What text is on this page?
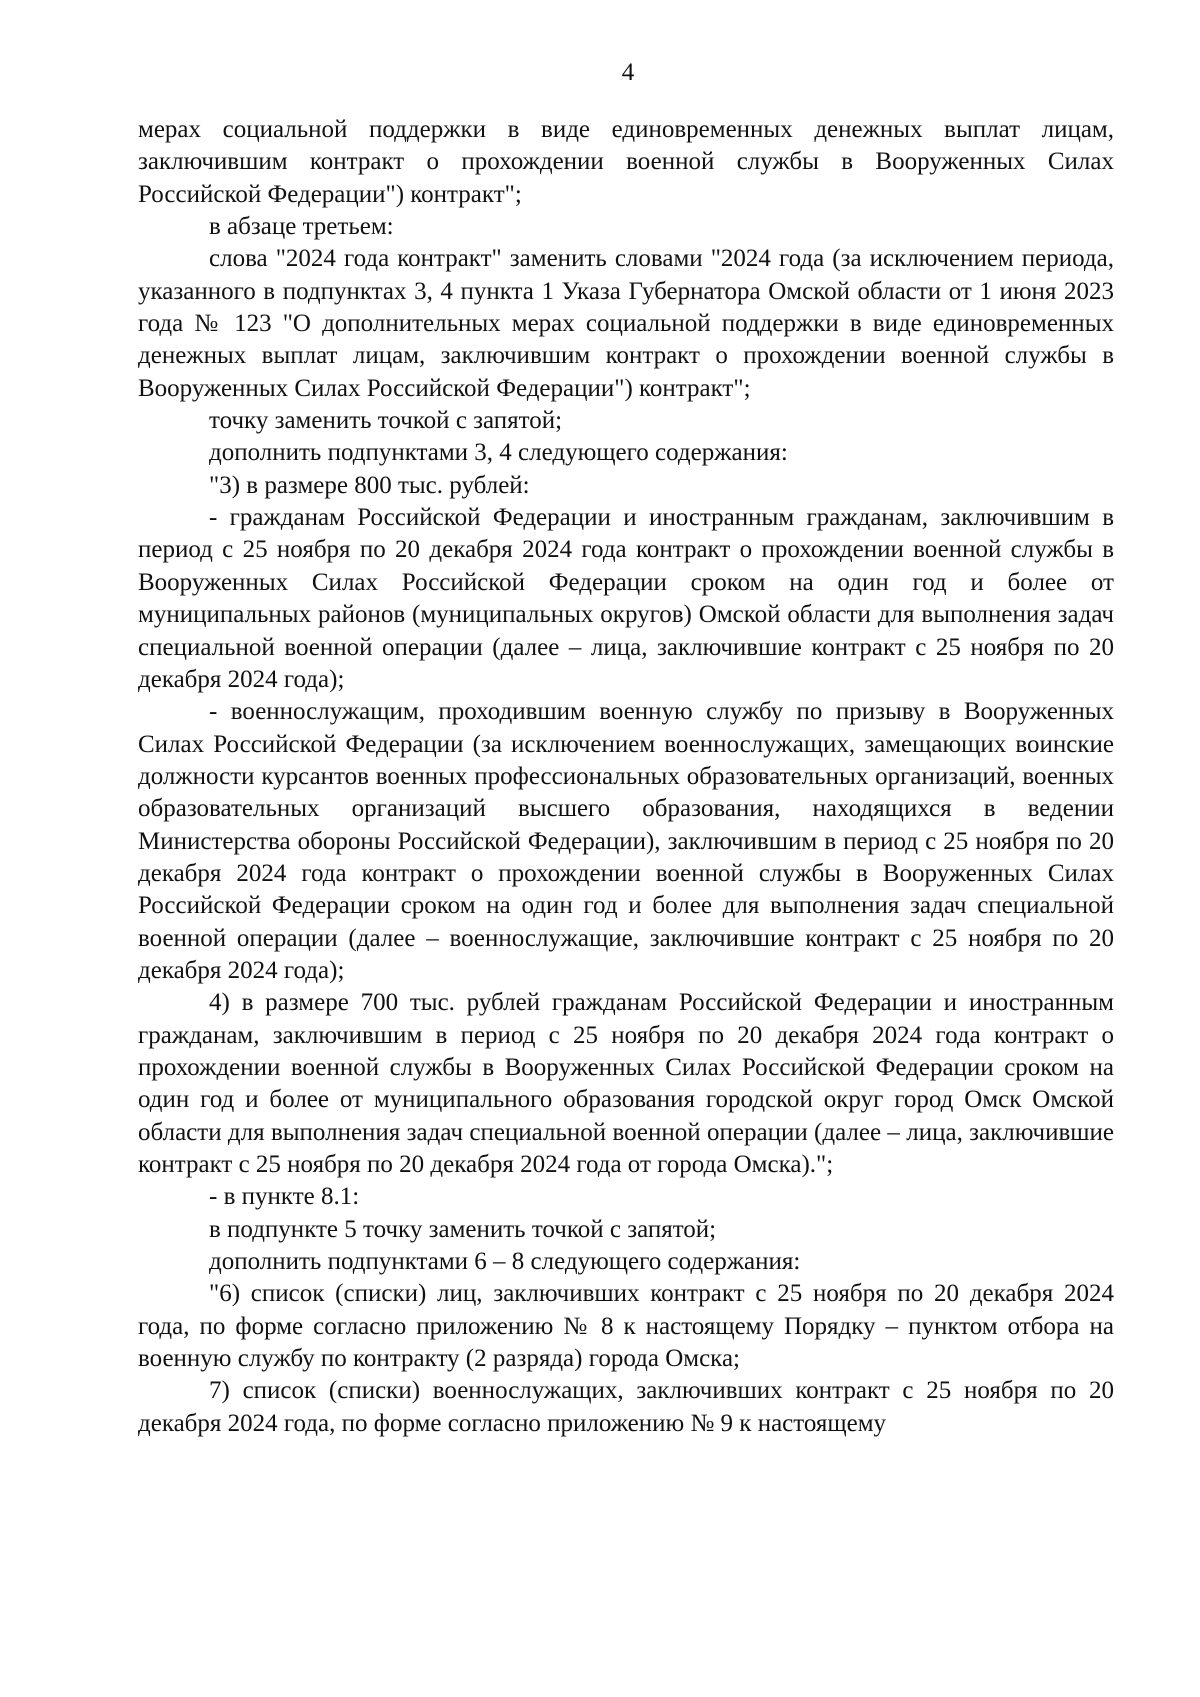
4

мерах социальной поддержки в виде единовременных денежных выплат лицам, заключившим контракт о прохождении военной службы в Вооруженных Силах Российской Федерации") контракт";

в абзаце третьем:

слова "2024 года контракт" заменить словами "2024 года (за исключением периода, указанного в подпунктах 3, 4 пункта 1 Указа Губернатора Омской области от 1 июня 2023 года № 123 "О дополнительных мерах социальной поддержки в виде единовременных денежных выплат лицам, заключившим контракт о прохождении военной службы в Вооруженных Силах Российской Федерации") контракт";

точку заменить точкой с запятой;

дополнить подпунктами 3, 4 следующего содержания:

"3) в размере 800 тыс. рублей:

- гражданам Российской Федерации и иностранным гражданам, заключившим в период с 25 ноября по 20 декабря 2024 года контракт о прохождении военной службы в Вооруженных Силах Российской Федерации сроком на один год и более от муниципальных районов (муниципальных округов) Омской области для выполнения задач специальной военной операции (далее – лица, заключившие контракт с 25 ноября по 20 декабря 2024 года);

- военнослужащим, проходившим военную службу по призыву в Вооруженных Силах Российской Федерации (за исключением военнослужащих, замещающих воинские должности курсантов военных профессиональных образовательных организаций, военных образовательных организаций высшего образования, находящихся в ведении Министерства обороны Российской Федерации), заключившим в период с 25 ноября по 20 декабря 2024 года контракт о прохождении военной службы в Вооруженных Силах Российской Федерации сроком на один год и более для выполнения задач специальной военной операции (далее – военнослужащие, заключившие контракт с 25 ноября по 20 декабря 2024 года);

4) в размере 700 тыс. рублей гражданам Российской Федерации и иностранным гражданам, заключившим в период с 25 ноября по 20 декабря 2024 года контракт о прохождении военной службы в Вооруженных Силах Российской Федерации сроком на один год и более от муниципального образования городской округ город Омск Омской области для выполнения задач специальной военной операции (далее – лица, заключившие контракт с 25 ноября по 20 декабря 2024 года от города Омска).";

- в пункте 8.1:

в подпункте 5 точку заменить точкой с запятой;

дополнить подпунктами 6 – 8 следующего содержания:

"6) список (списки) лиц, заключивших контракт с 25 ноября по 20 декабря 2024 года, по форме согласно приложению № 8 к настоящему Порядку – пунктом отбора на военную службу по контракту (2 разряда) города Омска;

7) список (списки) военнослужащих, заключивших контракт с 25 ноября по 20 декабря 2024 года, по форме согласно приложению № 9 к настоящему
